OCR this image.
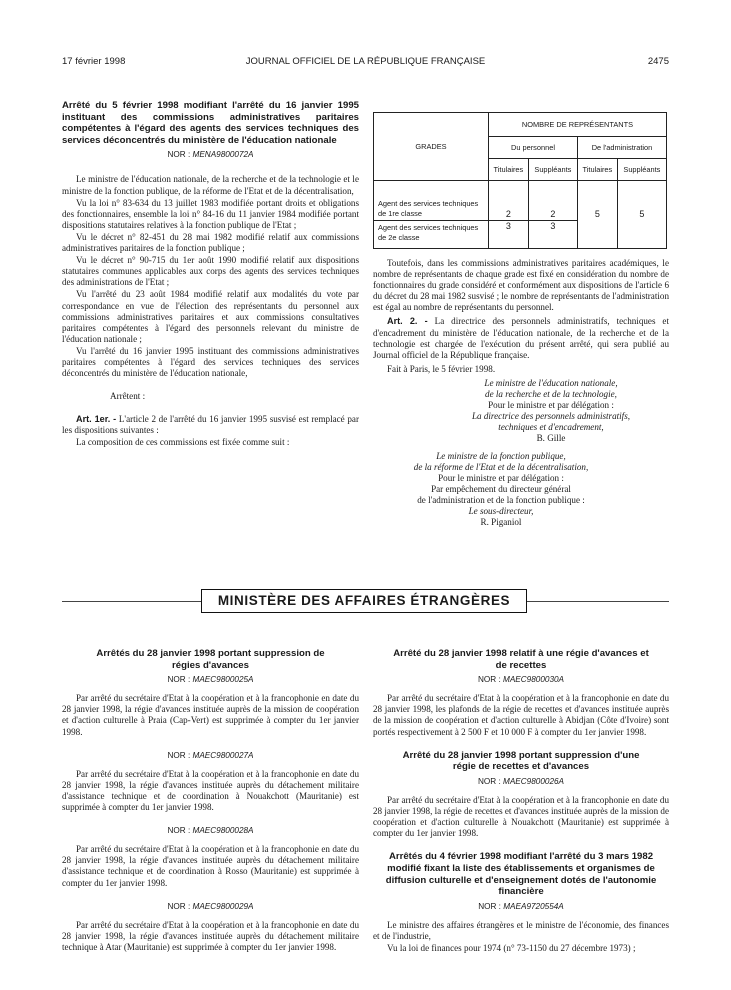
17 février 1998	JOURNAL OFFICIEL DE LA RÉPUBLIQUE FRANÇAISE	2475
Arrêté du 5 février 1998 modifiant l'arrêté du 16 janvier 1995 instituant des commissions administratives paritaires compétentes à l'égard des agents des services techniques des services déconcentrés du ministère de l'éducation nationale
NOR : MENA9800072A

Le ministre de l'éducation nationale, de la recherche et de la technologie et le ministre de la fonction publique, de la réforme de l'Etat et de la décentralisation,

Vu la loi n° 83-634 du 13 juillet 1983 modifiée portant droits et obligations des fonctionnaires, ensemble la loi n° 84-16 du 11 janvier 1984 modifiée portant dispositions statutaires relatives à la fonction publique de l'Etat ;

Vu le décret n° 82-451 du 28 mai 1982 modifié relatif aux commissions administratives paritaires de la fonction publique ;

Vu le décret n° 90-715 du 1er août 1990 modifié relatif aux dispositions statutaires communes applicables aux corps des agents des services techniques des administrations de l'Etat ;

Vu l'arrêté du 23 août 1984 modifié relatif aux modalités du vote par correspondance en vue de l'élection des représentants du personnel aux commissions administratives paritaires et aux commissions consultatives paritaires compétentes à l'égard des personnels relevant du ministre de l'éducation nationale ;

Vu l'arrêté du 16 janvier 1995 instituant des commissions administratives paritaires compétentes à l'égard des services techniques des services déconcentrés du ministère de l'éducation nationale,

Arrêtent :

Art. 1er. - L'article 2 de l'arrêté du 16 janvier 1995 susvisé est remplacé par les dispositions suivantes :

La composition de ces commissions est fixée comme suit :

GRADES	NOMBRE DE REPRÉSENTANTS			
	Du personnel		De l'administration	
	Titulaires	Suppléants	Titulaires	Suppléants
Agent des services techniques de 1re classe	2	2	5	5
Agent des services techniques de 2e classe	3	3		

Toutefois, dans les commissions administratives paritaires académiques, le nombre de représentants de chaque grade est fixé en considération du nombre de fonctionnaires du grade considéré et conformément aux dispositions de l'article 6 du décret du 28 mai 1982 susvisé ; le nombre de représentants de l'administration est égal au nombre de représentants du personnel.

Art. 2. - La directrice des personnels administratifs, techniques et d'encadrement du ministère de l'éducation nationale, de la recherche et de la technologie est chargée de l'exécution du présent arrêté, qui sera publié au Journal officiel de la République française.

Fait à Paris, le 5 février 1998.

Le ministre de l'éducation nationale,
de la recherche et de la technologie,
Pour le ministre et par délégation :
La directrice des personnels administratifs,
techniques et d'encadrement,
B. Gille
Le ministre de la fonction publique,
de la réforme de l'Etat et de la décentralisation,
Pour le ministre et par délégation :
Par empêchement du directeur général
de l'administration et de la fonction publique :
Le sous-directeur,
R. Piganiol
MINISTÈRE DES AFFAIRES ÉTRANGÈRES
Arrêtés du 28 janvier 1998 portant suppression de régies d'avances
NOR : MAEC9800025A

Par arrêté du secrétaire d'Etat à la coopération et à la francophonie en date du 28 janvier 1998, la régie d'avances instituée auprès de la mission de coopération et d'action culturelle à Praia (Cap-Vert) est supprimée à compter du 1er janvier 1998.

NOR : MAEC9800027A

Par arrêté du secrétaire d'Etat à la coopération et à la francophonie en date du 28 janvier 1998, la régie d'avances instituée auprès du détachement militaire d'assistance technique et de coordination à Nouakchott (Mauritanie) est supprimée à compter du 1er janvier 1998.

NOR : MAEC9800028A

Par arrêté du secrétaire d'Etat à la coopération et à la francophonie en date du 28 janvier 1998, la régie d'avances instituée auprès du détachement militaire d'assistance technique et de coordination à Rosso (Mauritanie) est supprimée à compter du 1er janvier 1998.

NOR : MAEC9800029A

Par arrêté du secrétaire d'Etat à la coopération et à la francophonie en date du 28 janvier 1998, la régie d'avances instituée auprès du détachement militaire technique à Atar (Mauritanie) est supprimée à compter du 1er janvier 1998.

Arrêté du 28 janvier 1998 relatif à une régie d'avances et de recettes
NOR : MAEC9800030A

Par arrêté du secrétaire d'Etat à la coopération et à la francophonie en date du 28 janvier 1998, les plafonds de la régie de recettes et d'avances instituée auprès de la mission de coopération et d'action culturelle à Abidjan (Côte d'Ivoire) sont portés respectivement à 2 500 F et 10 000 F à compter du 1er janvier 1998.

Arrêté du 28 janvier 1998 portant suppression d'une régie de recettes et d'avances
NOR : MAEC9800026A

Par arrêté du secrétaire d'Etat à la coopération et à la francophonie en date du 28 janvier 1998, la régie de recettes et d'avances instituée auprès de la mission de coopération et d'action culturelle à Nouakchott (Mauritanie) est supprimée à compter du 1er janvier 1998.

Arrêtés du 4 février 1998 modifiant l'arrêté du 3 mars 1982 modifié fixant la liste des établissements et organismes de diffusion culturelle et d'enseignement dotés de l'autonomie financière
NOR : MAEA9720554A

Le ministre des affaires étrangères et le ministre de l'économie, des finances et de l'industrie,

Vu la loi de finances pour 1974 (n° 73-1150 du 27 décembre 1973) ;
